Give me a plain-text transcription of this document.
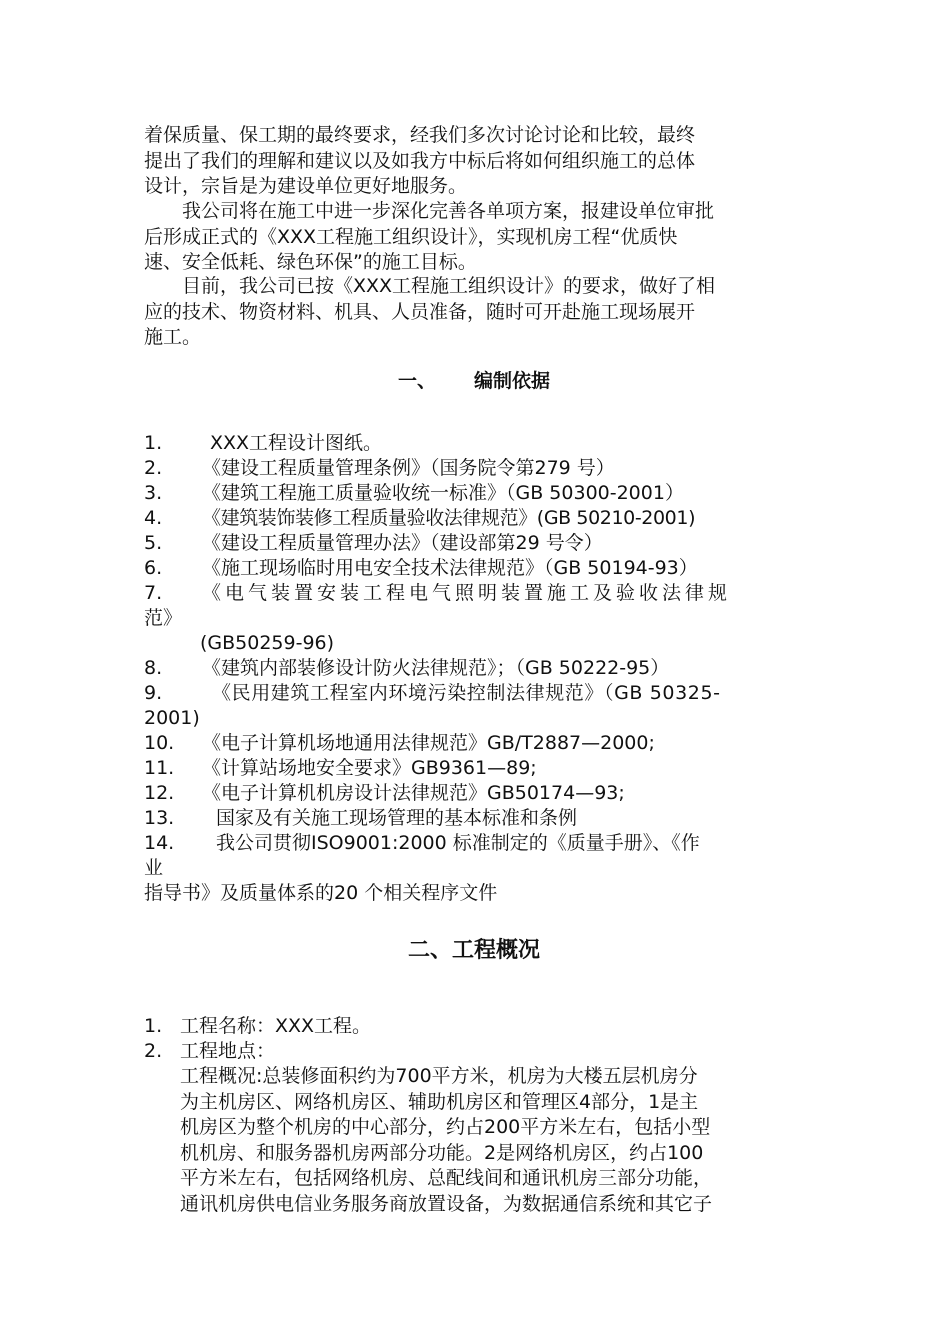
着保质量、保工期的最终要求，经我们多次讨论讨论和比较，最终
提出了我们的理解和建议以及如我方中标后将如何组织施工的总体
设计，宗旨是为建设单位更好地服务。
　　我公司将在施工中进一步深化完善各单项方案，报建设单位审批
后形成正式的《XXX工程施工组织设计》，实现机房工程“优质快
速、安全低耗、绿色环保”的施工目标。
　　目前，我公司已按《XXX工程施工组织设计》的要求，做好了相
应的技术、物资材料、机具、人员准备，随时可开赴施工现场展开
施工。
一、 编制依据
1.	XXX工程设计图纸。
2. 《建设工程质量管理条例》（国务院令第279 号）
3. 《建筑工程施工质量验收统一标准》（GB 50300-2001）
4. 《建筑装饰装修工程质量验收法律规范》(GB 50210-2001)
5. 《建设工程质量管理办法》（建设部第29 号令）
6. 《施工现场临时用电安全技术法律规范》（GB 50194-93）
7. 《电气装置安装工程电气照明装置施工及验收法律规
范》
(GB50259-96)
8. 《建筑内部装修设计防火法律规范》；（GB 50222-95）
9.	《民用建筑工程室内环境污染控制法律规范》（GB 50325-
2001)
10. 《电子计算机场地通用法律规范》GB/T2887—2000;
11. 《计算站场地安全要求》GB9361—89;
12. 《电子计算机机房设计法律规范》GB50174—93;
13. 国家及有关施工现场管理的基本标准和条例
14. 我公司贯彻ISO9001:2000 标准制定的《质量手册》、《作
业
指导书》及质量体系的20 个相关程序文件
二、工程概况
1. 工程名称：XXX工程。
2. 工程地点：
工程概况:总装修面积约为700平方米，机房为大楼五层机房分
为主机房区、网络机房区、辅助机房区和管理区4部分，1是主
机房区为整个机房的中心部分，约占200平方米左右，包括小型
机机房、和服务器机房两部分功能。2是网络机房区，约占100
平方米左右，包括网络机房、总配线间和通讯机房三部分功能，
通讯机房供电信业务服务商放置设备，为数据通信系统和其它子
